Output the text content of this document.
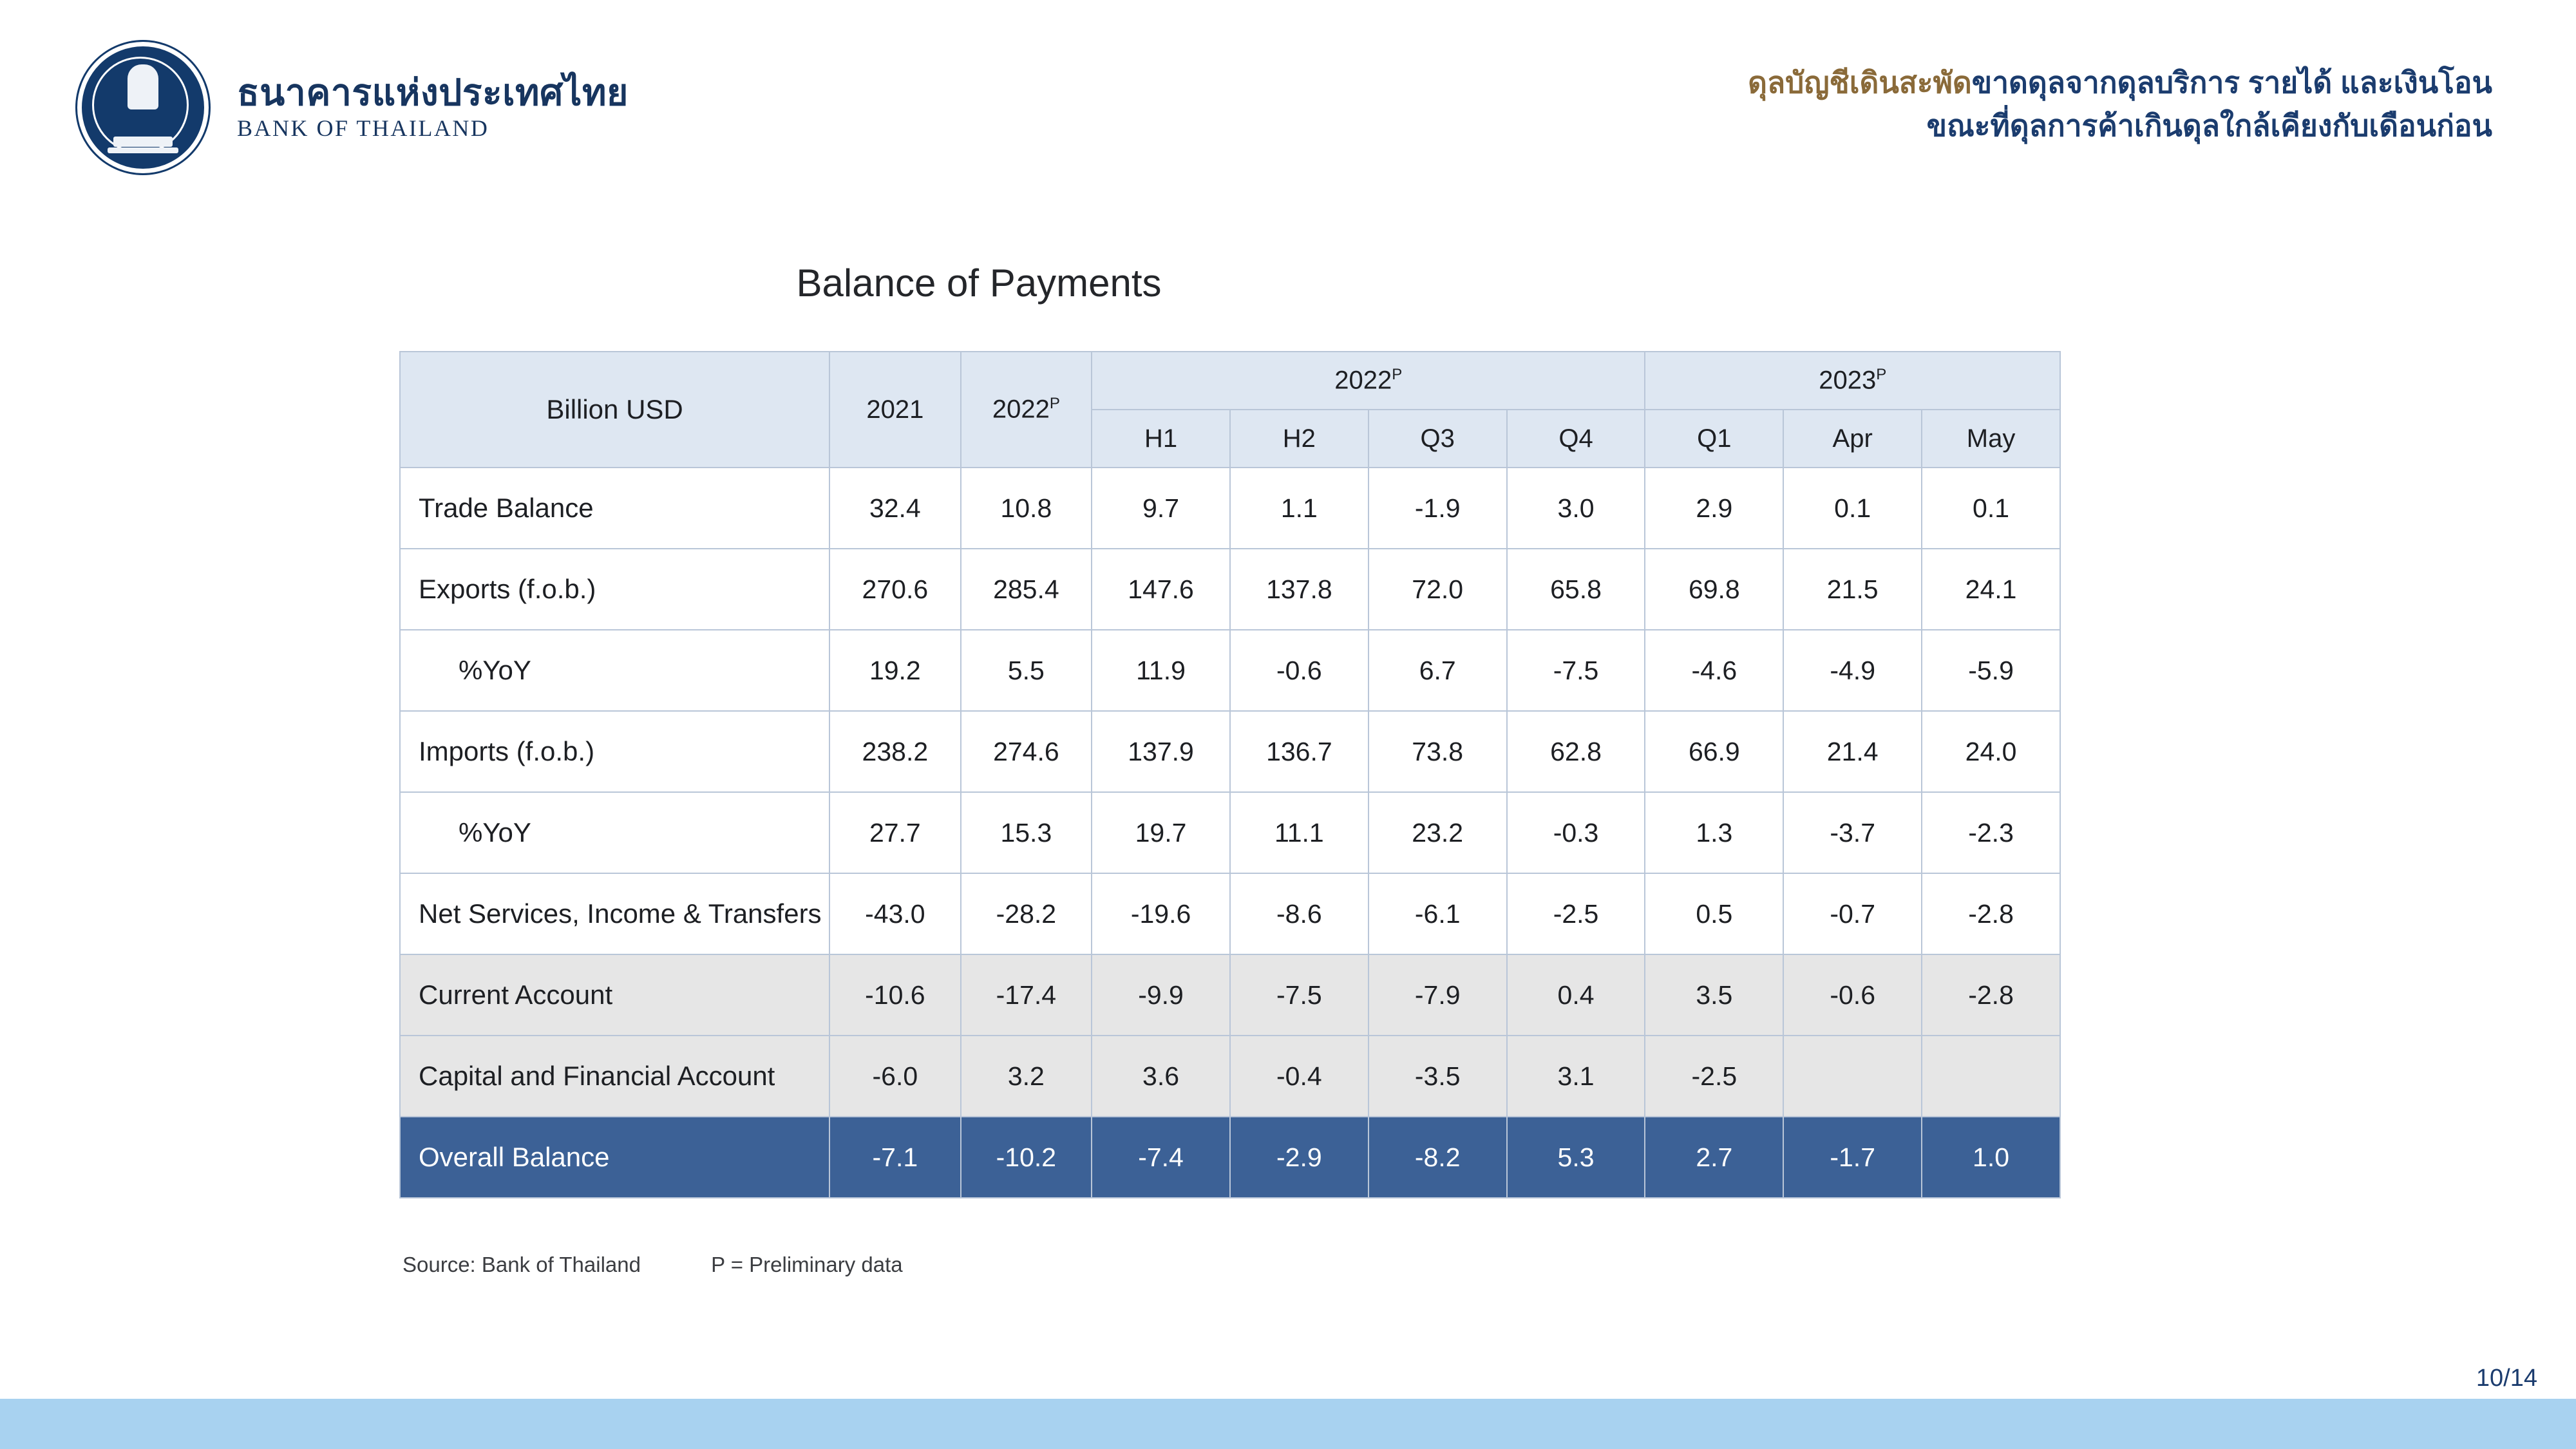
ธนาคารแห่งประเทศไทย
BANK OF THAILAND
ดุลบัญชีเดินสะพัดขาดดุลจากดุลบริการ รายได้ และเงินโอน
ขณะที่ดุลการค้าเกินดุลใกล้เคียงกับเดือนก่อน
Balance of Payments
Billion USD	2021	$2022^P$	$2022^P$				$2023^P$
			H1	H2	Q3	Q4	Q1	Apr	May
Trade Balance	32.4	10.8	9.7	1.1	-1.9	3.0	2.9	0.1	0.1
Exports (f.o.b.)	270.6	285.4	147.6	137.8	72.0	65.8	69.8	21.5	24.1
%YoY	19.2	5.5	11.9	-0.6	6.7	-7.5	-4.6	-4.9	-5.9
Imports (f.o.b.)	238.2	274.6	137.9	136.7	73.8	62.8	66.9	21.4	24.0
%YoY	27.7	15.3	19.7	11.1	23.2	-0.3	1.3	-3.7	-2.3
Net Services, Income & Transfers	-43.0	-28.2	-19.6	-8.6	-6.1	-2.5	0.5	-0.7	-2.8
Current Account	-10.6	-17.4	-9.9	-7.5	-7.9	0.4	3.5	-0.6	-2.8
Capital and Financial Account	-6.0	3.2	3.6	-0.4	-3.5	3.1	-2.5		
Overall Balance	-7.1	-10.2	-7.4	-2.9	-8.2	5.3	2.7	-1.7	1.0
Source: Bank of Thailand	P = Preliminary data
10/14
